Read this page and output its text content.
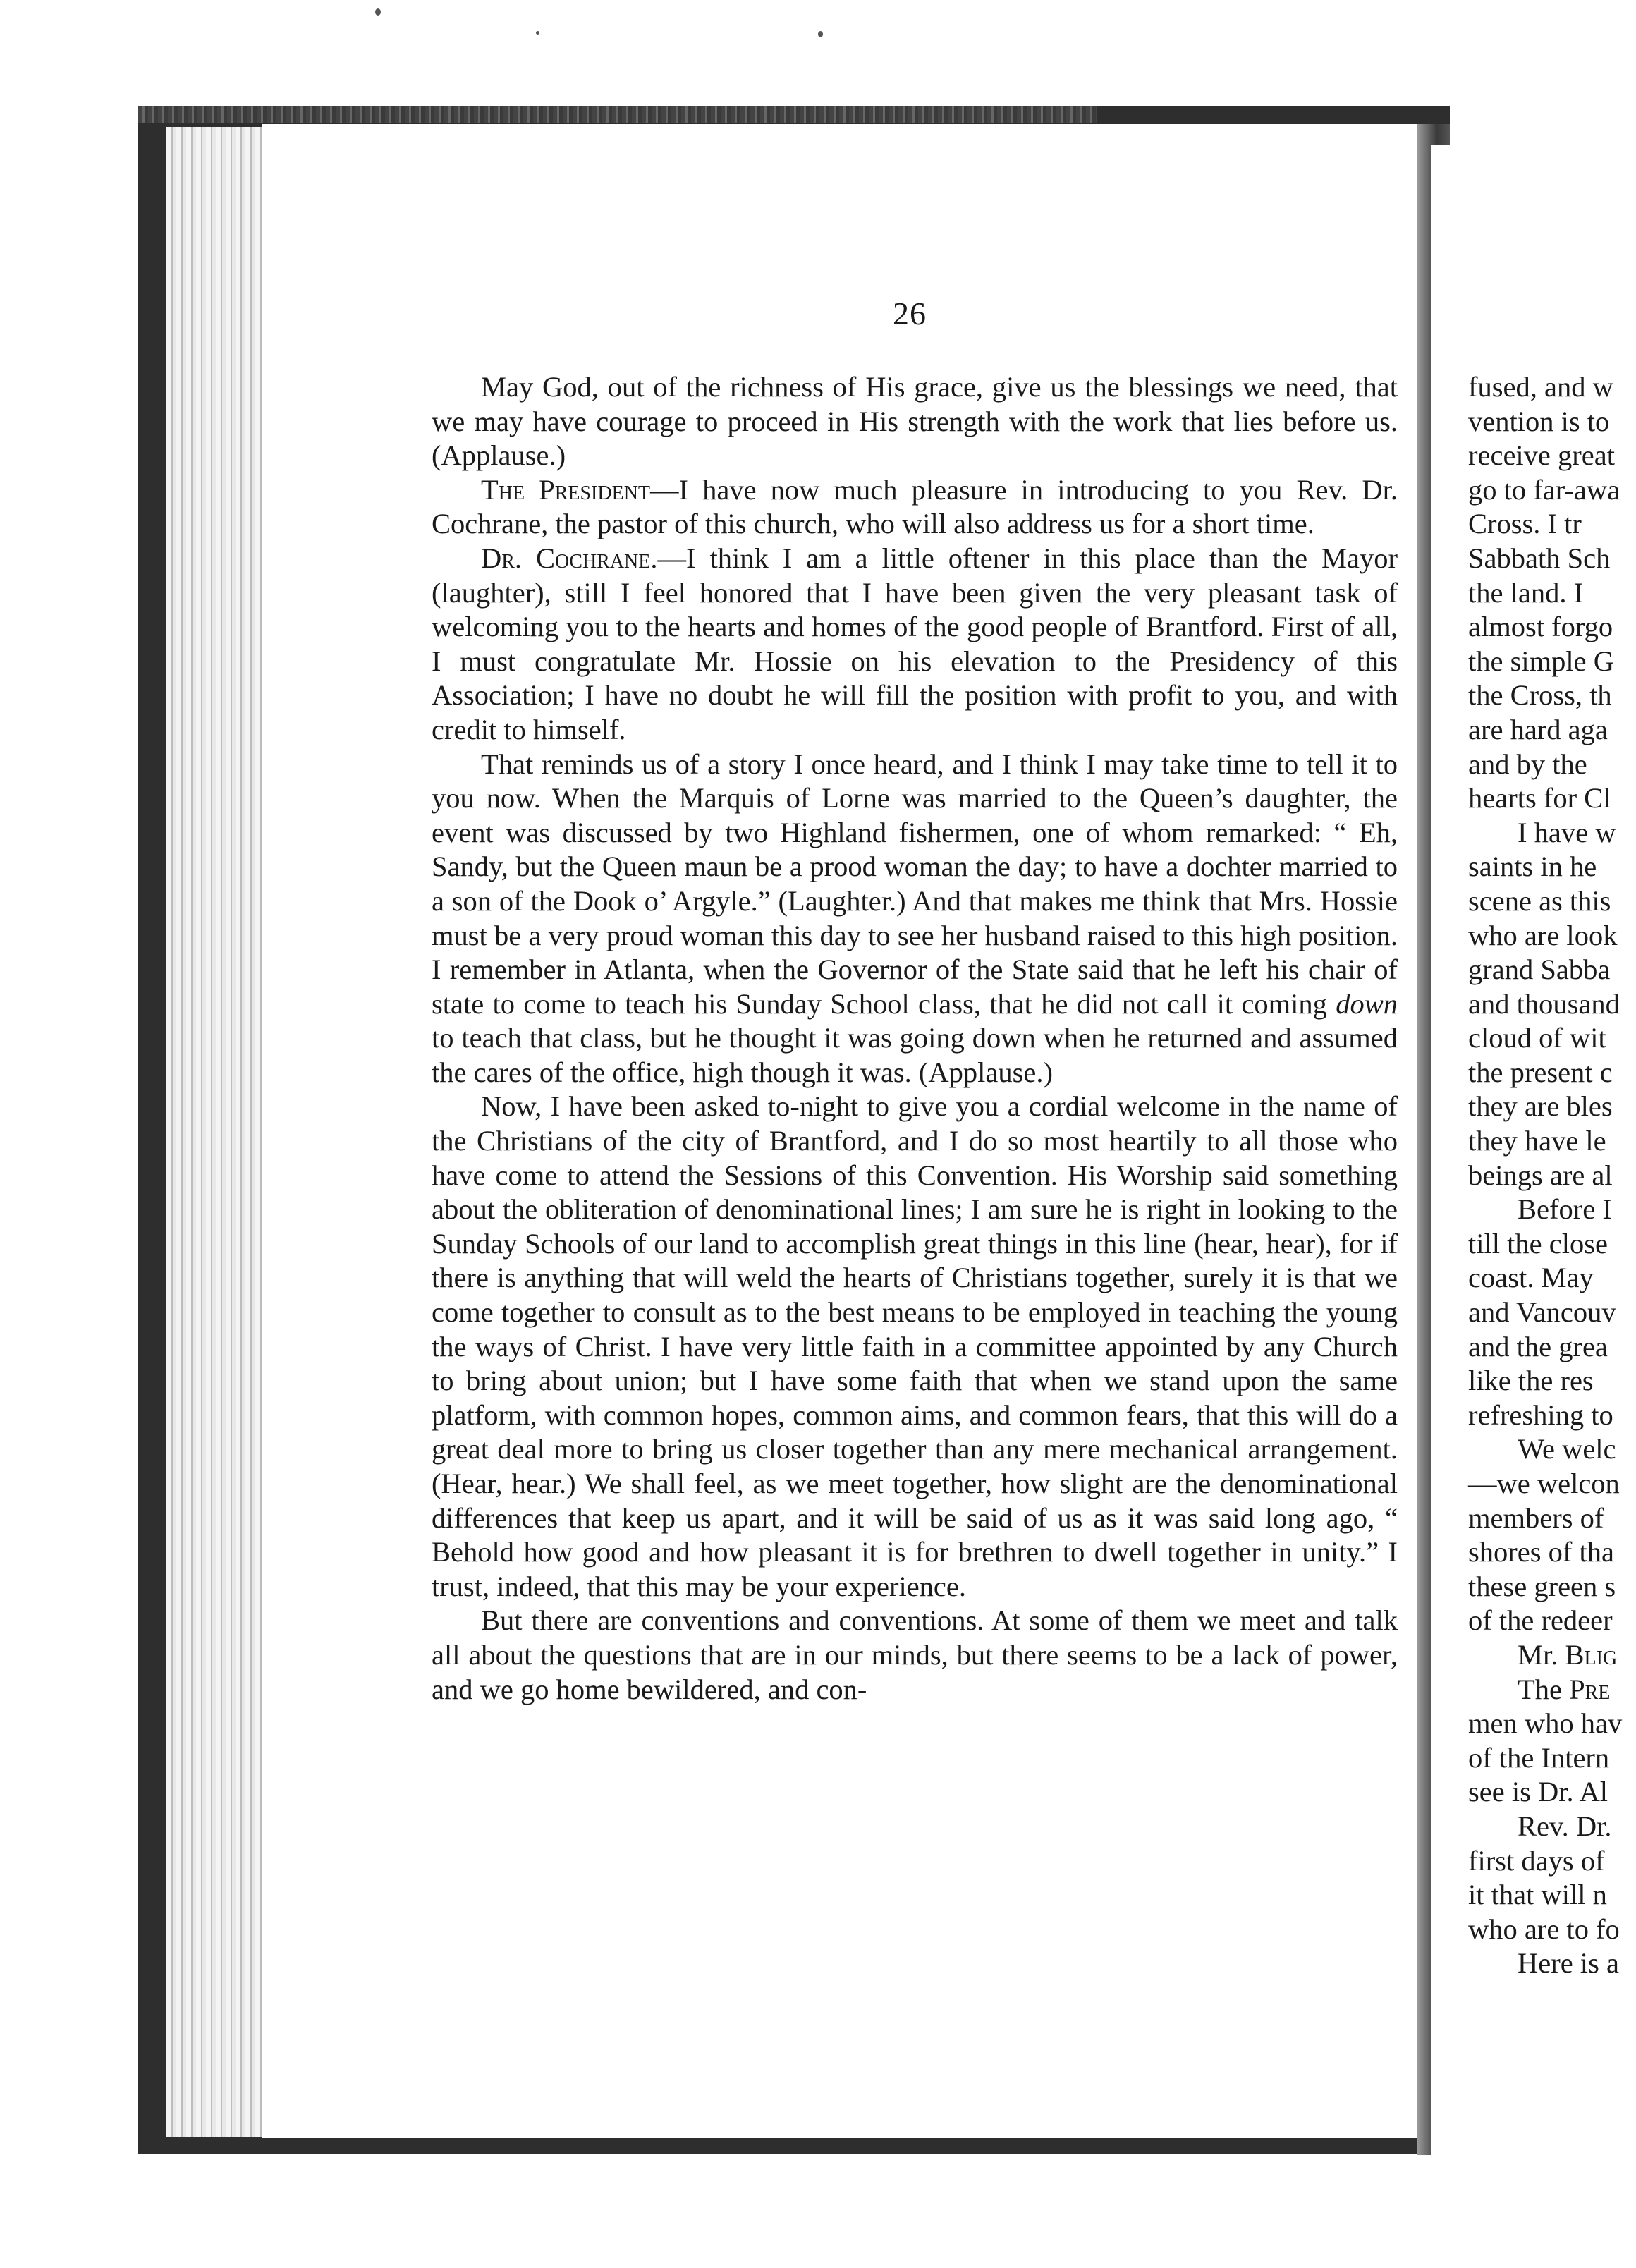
26

May God, out of the richness of His grace, give us the blessings we need, that we may have courage to proceed in His strength with the work that lies before us. (Applause.)

The President—I have now much pleasure in introducing to you Rev. Dr. Cochrane, the pastor of this church, who will also address us for a short time.

Dr. Cochrane.—I think I am a little oftener in this place than the Mayor (laughter), still I feel honored that I have been given the very pleasant task of welcoming you to the hearts and homes of the good people of Brantford. First of all, I must congratulate Mr. Hossie on his elevation to the Presidency of this Association; I have no doubt he will fill the position with profit to you, and with credit to himself.

That reminds us of a story I once heard, and I think I may take time to tell it to you now. When the Marquis of Lorne was married to the Queen’s daughter, the event was discussed by two Highland fishermen, one of whom remarked: “ Eh, Sandy, but the Queen maun be a prood woman the day; to have a dochter married to a son of the Dook o’ Argyle.” (Laughter.) And that makes me think that Mrs. Hossie must be a very proud woman this day to see her husband raised to this high position. I remember in Atlanta, when the Governor of the State said that he left his chair of state to come to teach his Sunday School class, that he did not call it coming down to teach that class, but he thought it was going down when he returned and assumed the cares of the office, high though it was. (Applause.)

Now, I have been asked to-night to give you a cordial welcome in the name of the Christians of the city of Brantford, and I do so most heartily to all those who have come to attend the Sessions of this Convention. His Worship said something about the obliteration of denominational lines; I am sure he is right in looking to the Sunday Schools of our land to accomplish great things in this line (hear, hear), for if there is anything that will weld the hearts of Christians together, surely it is that we come together to consult as to the best means to be employed in teaching the young the ways of Christ. I have very little faith in a committee appointed by any Church to bring about union; but I have some faith that when we stand upon the same platform, with common hopes, common aims, and common fears, that this will do a great deal more to bring us closer together than any mere mechanical arrangement. (Hear, hear.) We shall feel, as we meet together, how slight are the denominational differences that keep us apart, and it will be said of us as it was said long ago, “ Behold how good and how pleasant it is for brethren to dwell together in unity.” I trust, indeed, that this may be your experience.

But there are conventions and conventions. At some of them we meet and talk all about the questions that are in our minds, but there seems to be a lack of power, and we go home bewildered, and con-

fused, and w
vention is to
receive great
go to far-awa
Cross. I tr
Sabbath Sch
the land. I
almost forgo
the simple G
the Cross, th
are hard aga
and by the
hearts for Cl
I have w
saints in he
scene as this
who are look
grand Sabba
and thousand
cloud of wit
the present c
they are bles
they have le
beings are al
Before I
till the close
coast. May
and Vancouv
and the grea
like the res
refreshing to
We welc
—we welcon
members of
shores of tha
these green s
of the redeer
Mr. Blig
The Pre
men who hav
of the Intern
see is Dr. Al
Rev. Dr.
first days of
it that will n
who are to fo
Here is a
